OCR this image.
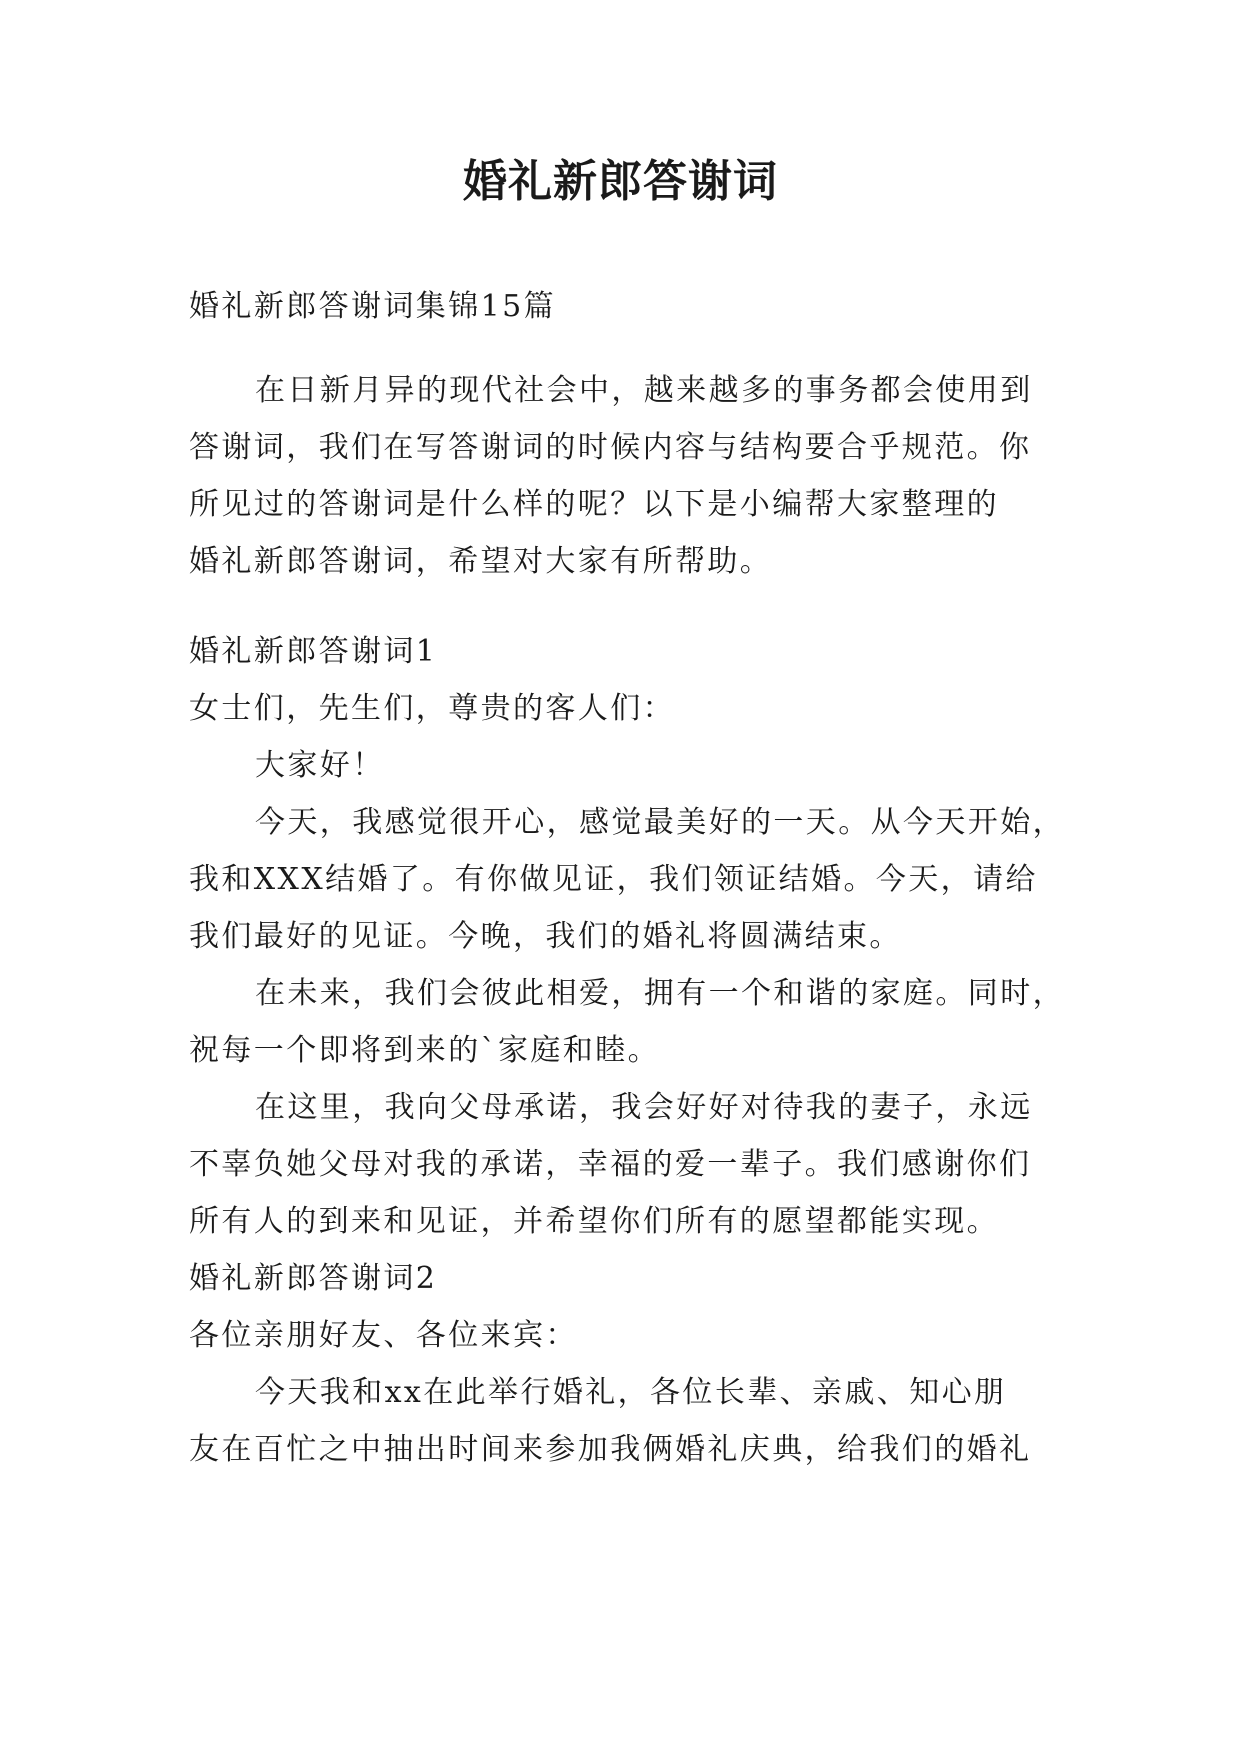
婚礼新郎答谢词
婚礼新郎答谢词集锦15篇
在日新月异的现代社会中，越来越多的事务都会使用到
答谢词，我们在写答谢词的时候内容与结构要合乎规范。你
所见过的答谢词是什么样的呢？以下是小编帮大家整理的
婚礼新郎答谢词，希望对大家有所帮助。
婚礼新郎答谢词1
女士们，先生们，尊贵的客人们：
大家好！
今天，我感觉很开心，感觉最美好的一天。从今天开始，
我和XXX结婚了。有你做见证，我们领证结婚。今天，请给
我们最好的见证。今晚，我们的婚礼将圆满结束。
在未来，我们会彼此相爱，拥有一个和谐的家庭。同时，
祝每一个即将到来的`家庭和睦。
在这里，我向父母承诺，我会好好对待我的妻子，永远
不辜负她父母对我的承诺，幸福的爱一辈子。我们感谢你们
所有人的到来和见证，并希望你们所有的愿望都能实现。
婚礼新郎答谢词2
各位亲朋好友、各位来宾：
今天我和xx在此举行婚礼，各位长辈、亲戚、知心朋
友在百忙之中抽出时间来参加我俩婚礼庆典，给我们的婚礼
